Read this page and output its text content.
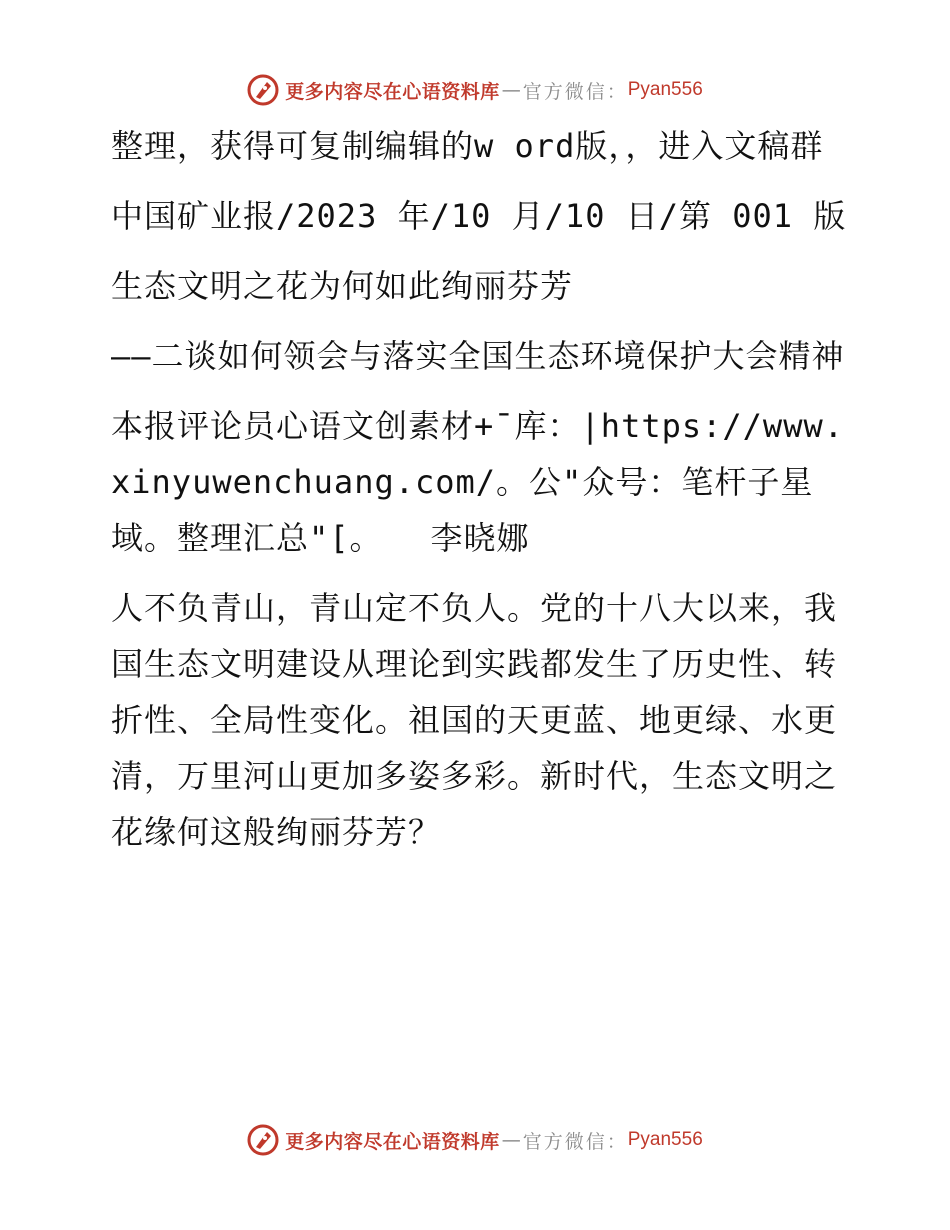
更多内容尽在心语资料库 — 官方微信： Pyan556

整理，获得可复制编辑的w ord版，，进入文稿群

中国矿业报/2023 年/10 月/10 日/第 001 版

生态文明之花为何如此绚丽芬芳

——二谈如何领会与落实全国生态环境保护大会精神

本报评论员心语文创素材+¯库：|https://www.xinyuwenchuang.com/。公"众号：笔杆子星域。整理汇总"[。 李晓娜

人不负青山，青山定不负人。党的十八大以来，我国生态文明建设从理论到实践都发生了历史性、转折性、全局性变化。祖国的天更蓝、地更绿、水更清，万里河山更加多姿多彩。新时代，生态文明之花缘何这般绚丽芬芳？

更多内容尽在心语资料库 — 官方微信： Pyan556
